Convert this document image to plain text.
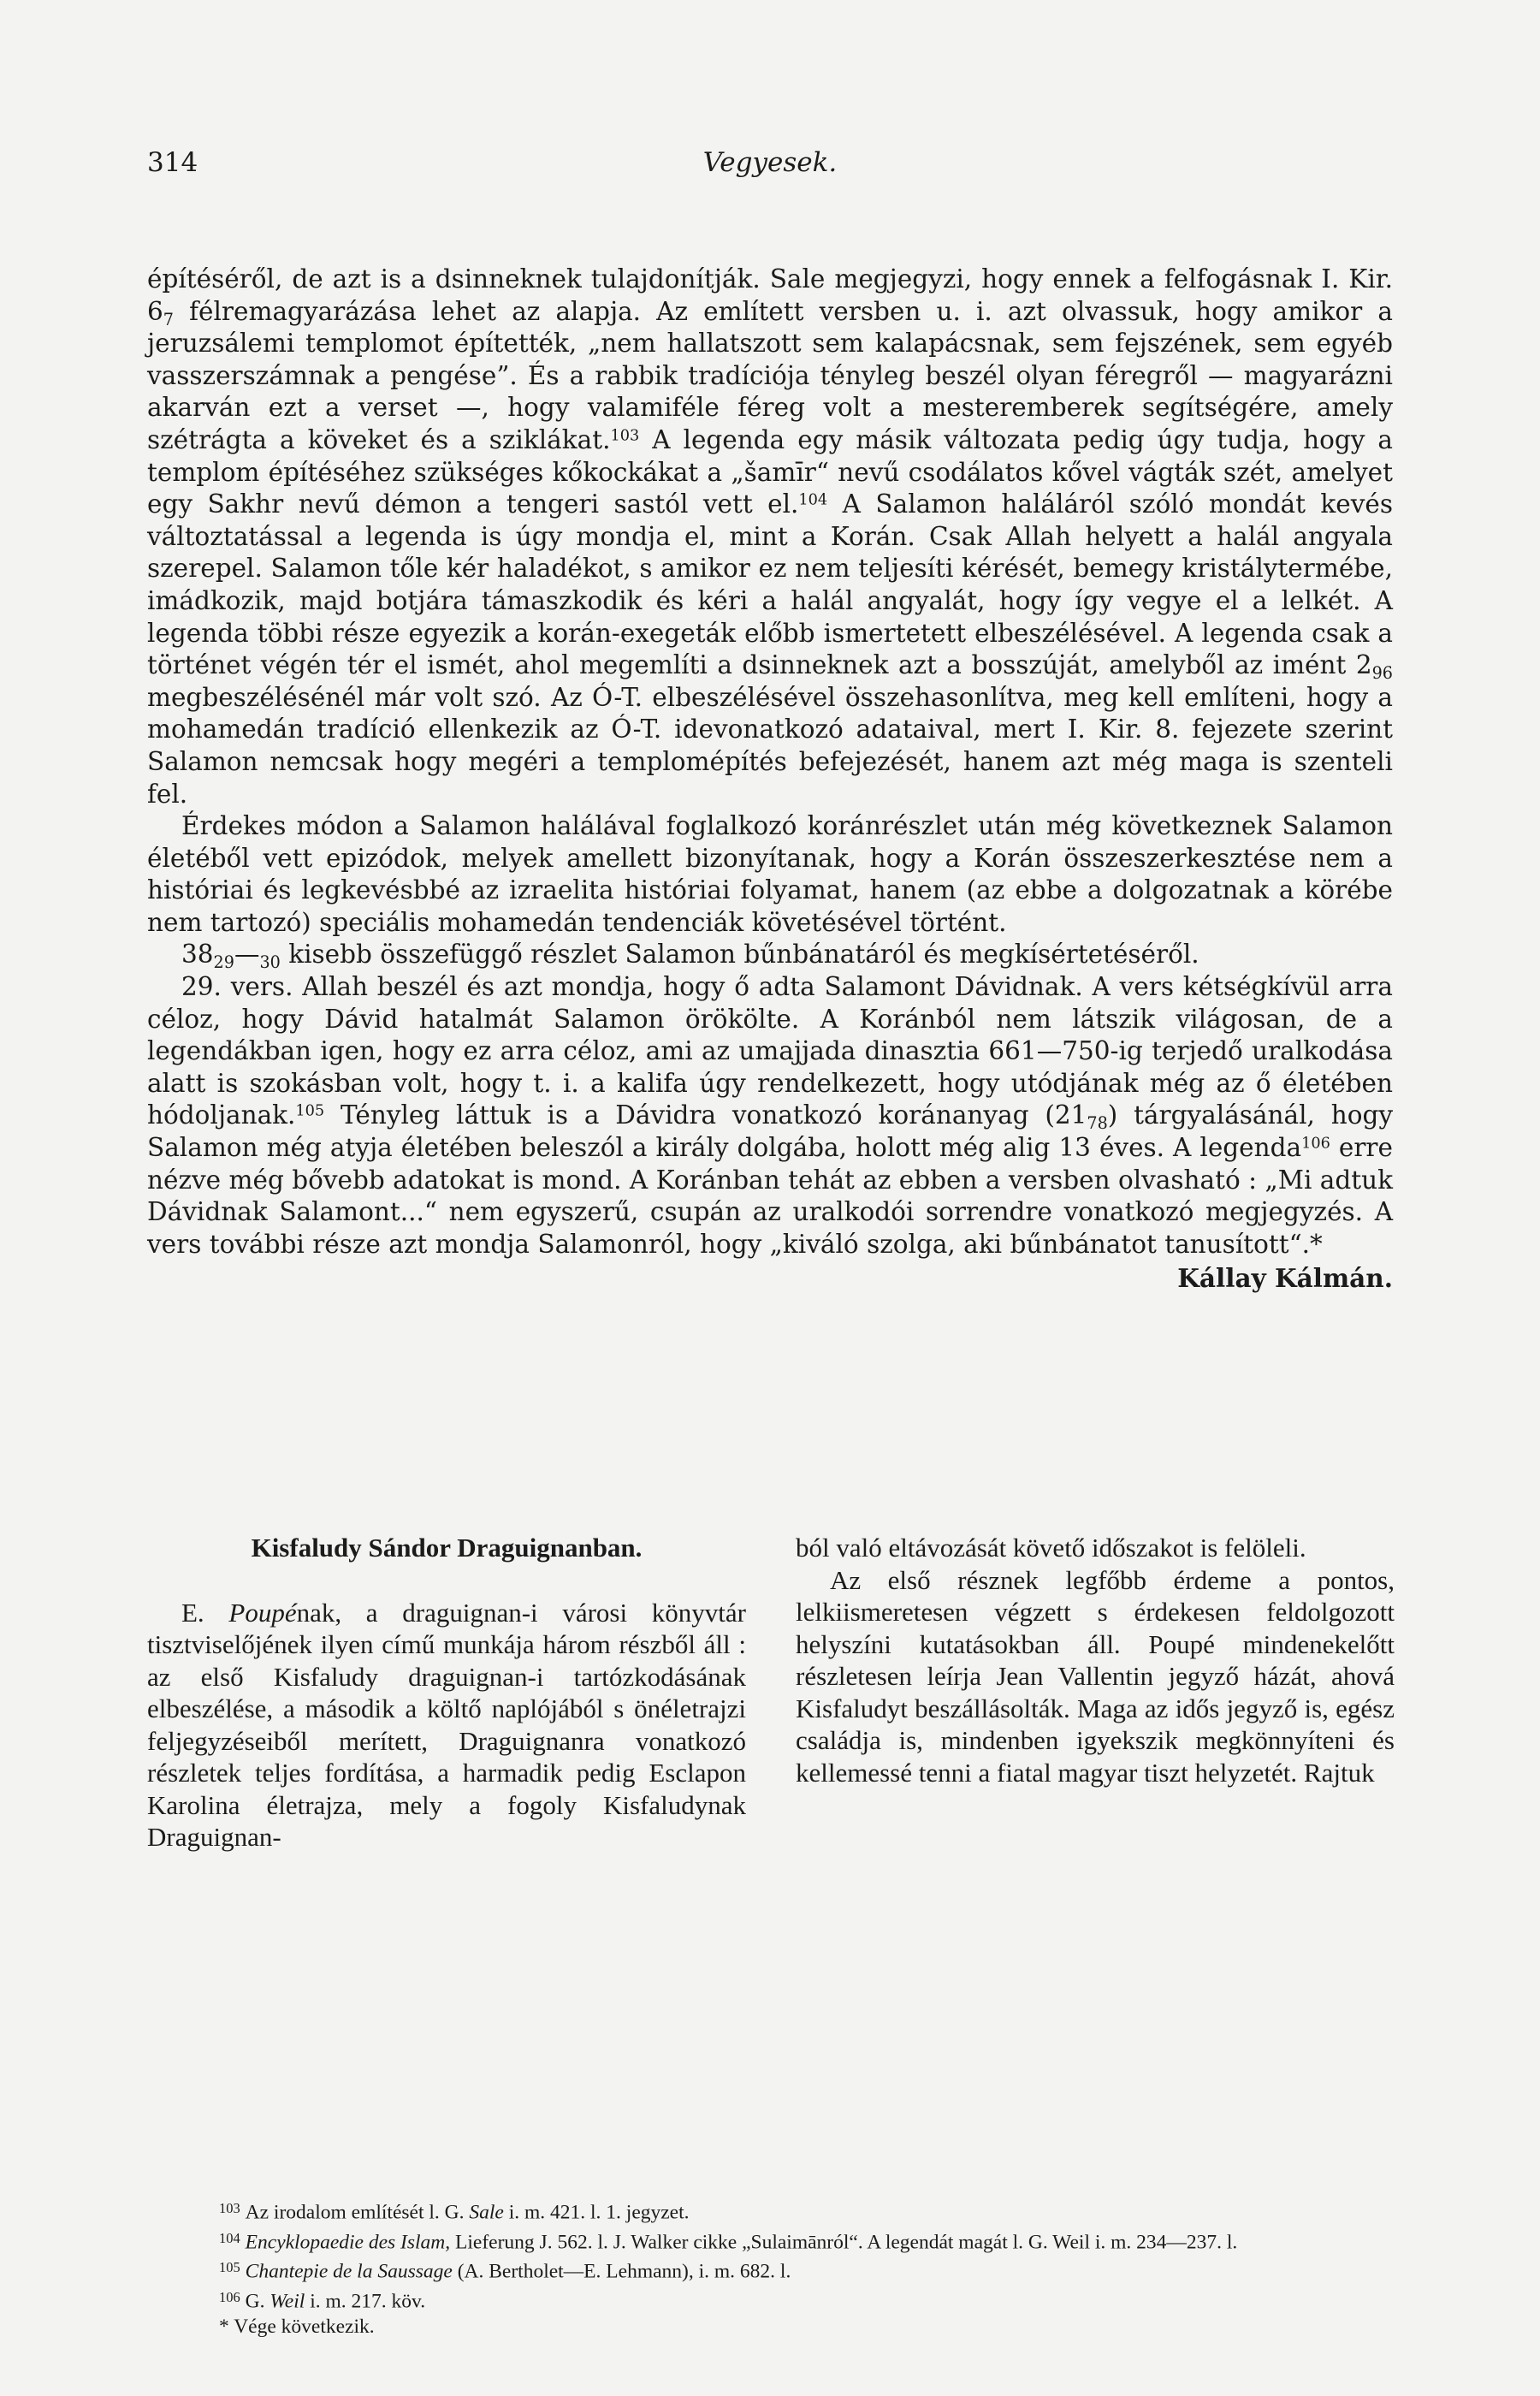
314	Vegyesek.

építéséről, de azt is a dsinneknek tulajdonítják. Sale megjegyzi, hogy ennek a felfogásnak I. Kir. $6_7$ félremagyarázása lehet az alapja. Az említett versben u. i. azt olvassuk, hogy amikor a jeruzsálemi templomot építették, „nem hallatszott sem kalapácsnak, sem fejszének, sem egyéb vasszerszámnak a pengése”. És a rabbik tradíciója tényleg beszél olyan féregről — magyarázni akarván ezt a verset —, hogy valamiféle féreg volt a mesteremberek segítségére, amely szétrágta a köveket és a sziklákat.$^{103}$ A legenda egy másik változata pedig úgy tudja, hogy a templom építéséhez szükséges kőkockákat a „šamīr“ nevű csodálatos kővel vágták szét, amelyet egy Sakhr nevű démon a tengeri sastól vett el.$^{104}$ A Salamon haláláról szóló mondát kevés változtatással a legenda is úgy mondja el, mint a Korán. Csak Allah helyett a halál angyala szerepel. Salamon tőle kér haladékot, s amikor ez nem teljesíti kérését, bemegy kristálytermébe, imádkozik, majd botjára támaszkodik és kéri a halál angyalát, hogy így vegye el a lelkét. A legenda többi része egyezik a korán-exegeták előbb ismertetett elbeszélésével. A legenda csak a történet végén tér el ismét, ahol megemlíti a dsinneknek azt a bosszúját, amelyből az imént $2_{96}$ megbeszélésénél már volt szó. Az Ó-T. elbeszélésével összehasonlítva, meg kell említeni, hogy a mohamedán tradíció ellenkezik az Ó-T. idevonatkozó adataival, mert I. Kir. 8. fejezete szerint Salamon nemcsak hogy megéri a templomépítés befejezését, hanem azt még maga is szenteli fel.

Érdekes módon a Salamon halálával foglalkozó koránrészlet után még következnek Salamon életéből vett epizódok, melyek amellett bizonyítanak, hogy a Korán összeszerkesztése nem a históriai és legkevésbbé az izraelita históriai folyamat, hanem (az ebbe a dolgozatnak a körébe nem tartozó) speciális mohamedán tendenciák követésével történt.

$38_{29}—_{30}$ kisebb összefüggő részlet Salamon bűnbánatáról és megkísértetéséről.

29. vers. Allah beszél és azt mondja, hogy ő adta Salamont Dávidnak. A vers kétségkívül arra céloz, hogy Dávid hatalmát Salamon örökölte. A Koránból nem látszik világosan, de a legendákban igen, hogy ez arra céloz, ami az umajjada dinasztia 661—750-ig terjedő uralkodása alatt is szokásban volt, hogy t. i. a kalifa úgy rendelkezett, hogy utódjának még az ő életében hódoljanak.$^{105}$ Tényleg láttuk is a Dávidra vonatkozó koránanyag $(21_{78})$ tárgyalásánál, hogy Salamon még atyja életében beleszól a király dolgába, holott még alig 13 éves. A legenda$^{106}$ erre nézve még bővebb adatokat is mond. A Koránban tehát az ebben a versben olvasható : „Mi adtuk Dávidnak Salamont...“ nem egyszerű, csupán az uralkodói sorrendre vonatkozó megjegyzés. A vers további része azt mondja Salamonról, hogy „kiváló szolga, aki bűnbánatot tanusított“.*

Kállay Kálmán.

Kisfaludy Sándor Draguignanban.

E. Poupénak, a draguignan-i városi könyvtár tisztviselőjének ilyen című munkája három részből áll : az első Kisfaludy draguignan-i tartózkodásának elbeszélése, a második a költő naplójából s önéletrajzi feljegyzéseiből merített, Draguignanra vonatkozó részletek teljes fordítása, a harmadik pedig Esclapon Karolina életrajza, mely a fogoly Kisfaludynak Draguignan-

ból való eltávozását követő időszakot is felöleli.

Az első résznek legfőbb érdeme a pontos, lelkiismeretesen végzett s érdekesen feldolgozott helyszíni kutatásokban áll. Poupé mindenekelőtt részletesen leírja Jean Vallentin jegyző házát, ahová Kisfaludyt beszállásolták. Maga az idős jegyző is, egész családja is, mindenben igyekszik megkönnyíteni és kellemessé tenni a fiatal magyar tiszt helyzetét. Rajtuk

$^{103}$ Az irodalom említését l. G. Sale i. m. 421. l. 1. jegyzet.

$^{104}$ Encyklopaedie des Islam, Lieferung J. 562. l. J. Walker cikke „Sulaimānról“. A legendát magát l. G. Weil i. m. 234—237. l.

$^{105}$ Chantepie de la Saussage (A. Bertholet—E. Lehmann), i. m. 682. l.

$^{106}$ G. Weil i. m. 217. köv.

* Vége következik.
